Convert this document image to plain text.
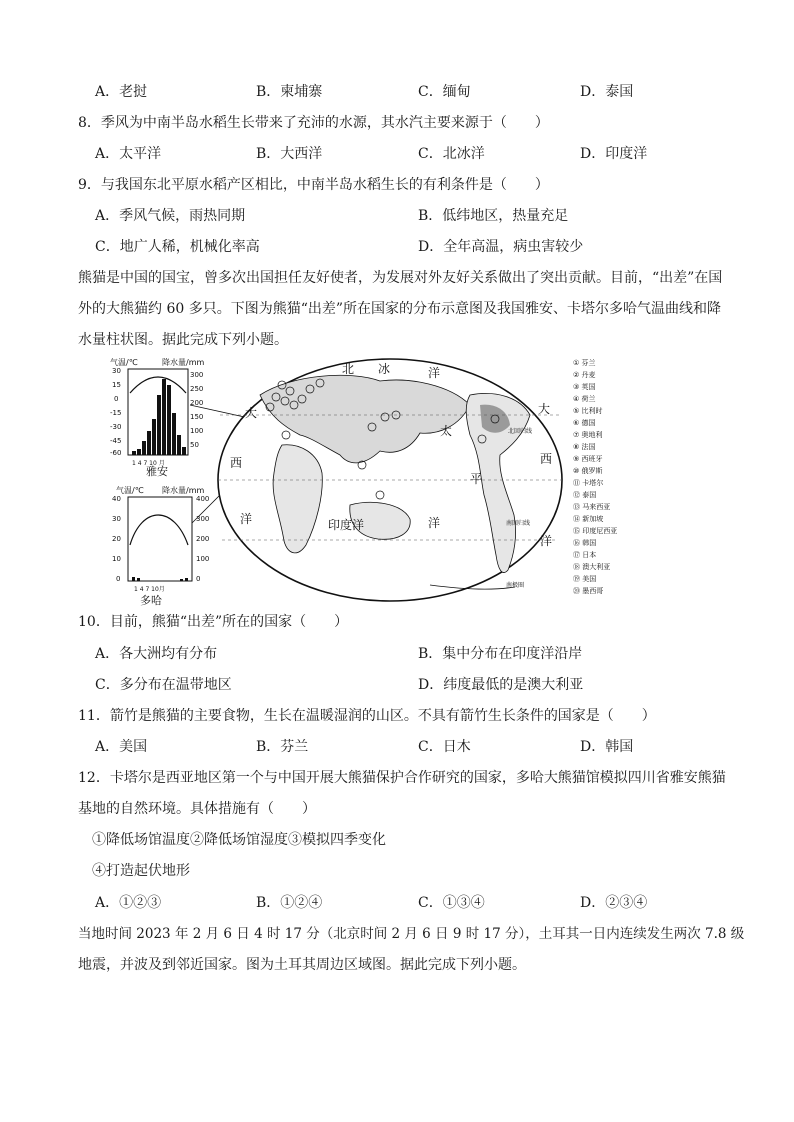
A．老挝	B．柬埔寨	C．缅甸	D．泰国
8．季风为中南半岛水稻生长带来了充沛的水源，其水汽主要来源于（　　）
A．太平洋	B．大西洋	C．北冰洋	D．印度洋
9．与我国东北平原水稻产区相比，中南半岛水稻生长的有利条件是（　　）
A．季风气候，雨热同期	B．低纬地区，热量充足
C．地广人稀，机械化率高	D．全年高温，病虫害较少
熊猫是中国的国宝，曾多次出国担任友好使者，为发展对外友好关系做出了突出贡献。目前，“出差”在国
外的大熊猫约 60 多只。下图为熊猫“出差”所在国家的分布示意图及我国雅安、卡塔尔多哈气温曲线和降
水量柱状图。据此完成下列小题。
气温/℃	降水量/mm
30
15
0
-15
-30
-45
-60
300
250
200
150
100
50
1 4 7 10 月
雅安
气温/℃ 降水量/mm
40
30
20
10
0
400
300
200
100
0
1 4 7 10月
多哈
北 冰	洋
大	大
太
平
西	西
洋	洋
洋
印度洋
北回归线
南回归线
南极圈
① 芬兰
② 丹麦
③ 英国
④ 荷兰
⑤ 比利时
⑥ 德国
⑦ 奥地利
⑧ 法国
⑨ 西班牙
⑩ 俄罗斯
⑪ 卡塔尔
⑫ 泰国
⑬ 马来西亚
⑭ 新加坡
⑮ 印度尼西亚
⑯ 韩国
⑰ 日本
⑱ 澳大利亚
⑲ 美国
⑳ 墨西哥
10．目前，熊猫“出差”所在的国家（　　）
A．各大洲均有分布	B．集中分布在印度洋沿岸
C．多分布在温带地区	D．纬度最低的是澳大利亚
11．箭竹是熊猫的主要食物，生长在温暖湿润的山区。不具有箭竹生长条件的国家是（　　）
A．美国	B．芬兰	C．日木	D．韩国
12．卡塔尔是西亚地区第一个与中国开展大熊猫保护合作研究的国家，多哈大熊猫馆模拟四川省雅安熊猫
基地的自然环境。具体措施有（　　）
①降低场馆温度②降低场馆湿度③模拟四季变化
④打造起伏地形
A．①②③	B．①②④	C．①③④	D．②③④
当地时间 2023 年 2 月 6 日 4 时 17 分（北京时间 2 月 6 日 9 时 17 分），土耳其一日内连续发生两次 7.8 级
地震，并波及到邻近国家。图为土耳其周边区域图。据此完成下列小题。
